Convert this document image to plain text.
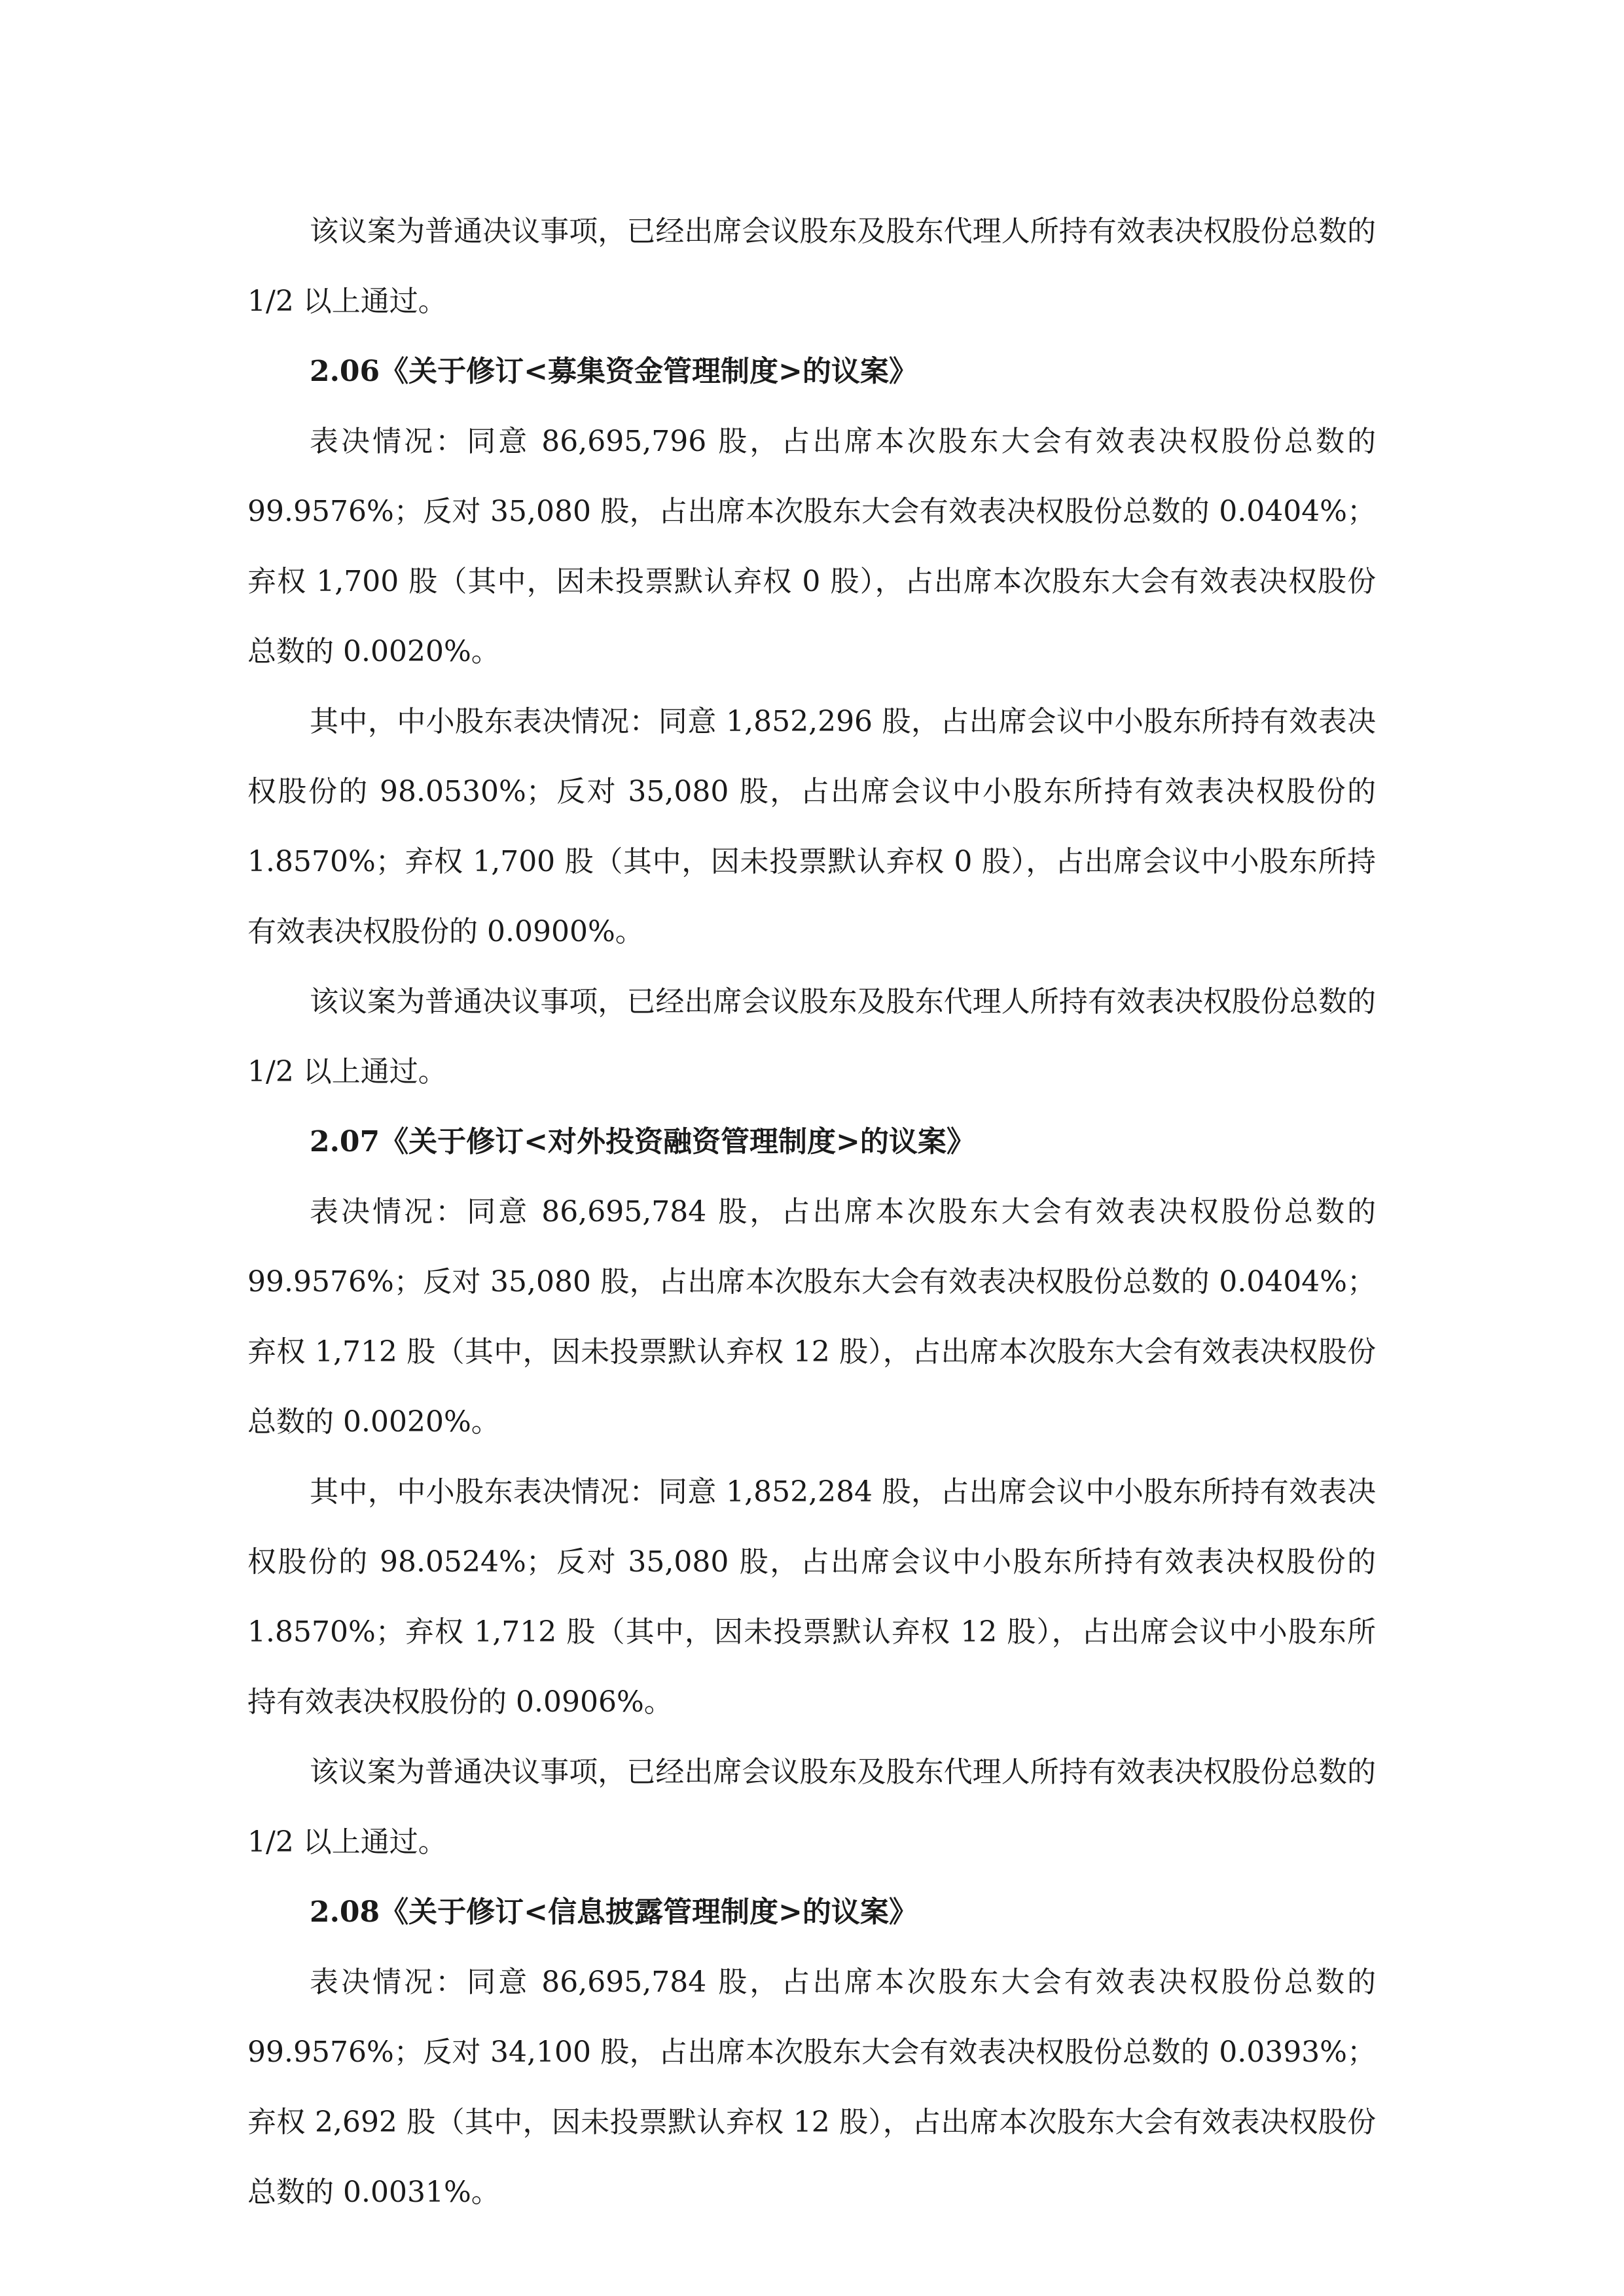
该议案为普通决议事项，已经出席会议股东及股东代理人所持有效表决权股份总数的 1/2 以上通过。

2.06《关于修订<募集资金管理制度>的议案》

表决情况：同意 86,695,796 股，占出席本次股东大会有效表决权股份总数的 99.9576%；反对 35,080 股，占出席本次股东大会有效表决权股份总数的 0.0404%；弃权 1,700 股（其中，因未投票默认弃权 0 股），占出席本次股东大会有效表决权股份总数的 0.0020%。

其中，中小股东表决情况：同意 1,852,296 股，占出席会议中小股东所持有效表决权股份的 98.0530%；反对 35,080 股，占出席会议中小股东所持有效表决权股份的 1.8570%；弃权 1,700 股（其中，因未投票默认弃权 0 股），占出席会议中小股东所持有效表决权股份的 0.0900%。

该议案为普通决议事项，已经出席会议股东及股东代理人所持有效表决权股份总数的 1/2 以上通过。

2.07《关于修订<对外投资融资管理制度>的议案》

表决情况：同意 86,695,784 股，占出席本次股东大会有效表决权股份总数的 99.9576%；反对 35,080 股，占出席本次股东大会有效表决权股份总数的 0.0404%；弃权 1,712 股（其中，因未投票默认弃权 12 股），占出席本次股东大会有效表决权股份总数的 0.0020%。

其中，中小股东表决情况：同意 1,852,284 股，占出席会议中小股东所持有效表决权股份的 98.0524%；反对 35,080 股，占出席会议中小股东所持有效表决权股份的 1.8570%；弃权 1,712 股（其中，因未投票默认弃权 12 股），占出席会议中小股东所持有效表决权股份的 0.0906%。

该议案为普通决议事项，已经出席会议股东及股东代理人所持有效表决权股份总数的 1/2 以上通过。

2.08《关于修订<信息披露管理制度>的议案》

表决情况：同意 86,695,784 股，占出席本次股东大会有效表决权股份总数的 99.9576%；反对 34,100 股，占出席本次股东大会有效表决权股份总数的 0.0393%；弃权 2,692 股（其中，因未投票默认弃权 12 股），占出席本次股东大会有效表决权股份总数的 0.0031%。
